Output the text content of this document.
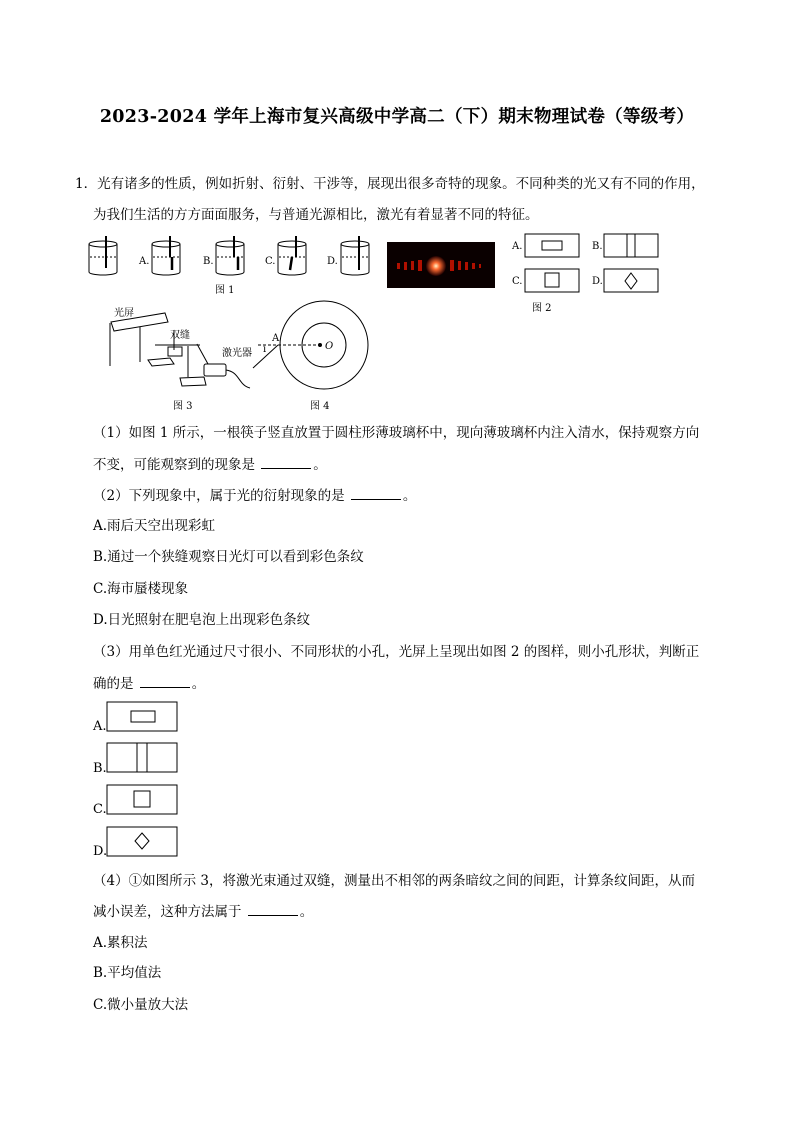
2023-2024 学年上海市复兴高级中学高二（下）期末物理试卷（等级考）
1．光有诸多的性质，例如折射、衍射、干涉等，展现出很多奇特的现象。不同种类的光又有不同的作用，
为我们生活的方方面面服务，与普通光源相比，激光有着显著不同的特征。
A.	B.	C.	D.
图 1
A.	B.
C.	D.
图 2
光屏
双缝
激光器
图 3
A
i	O
图 4
（1）如图 1 所示，一根筷子竖直放置于圆柱形薄玻璃杯中，现向薄玻璃杯内注入清水，保持观察方向
不变，可能观察到的现象是	。
（2）下列现象中，属于光的衍射现象的是	。
A.雨后天空出现彩虹
B.通过一个狭缝观察日光灯可以看到彩色条纹
C.海市蜃楼现象
D.日光照射在肥皂泡上出现彩色条纹
（3）用单色红光通过尺寸很小、不同形状的小孔，光屏上呈现出如图 2 的图样，则小孔形状，判断正
确的是	。
A.
B.
C.
D.
（4）①如图所示 3，将激光束通过双缝，测量出不相邻的两条暗纹之间的间距，计算条纹间距，从而
减小误差，这种方法属于	。
A.累积法
B.平均值法
C.微小量放大法
